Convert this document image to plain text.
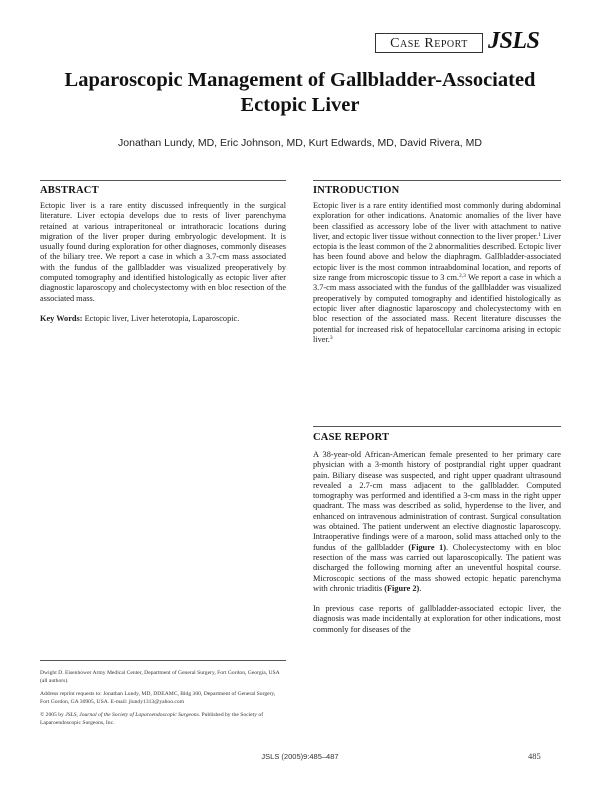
Case Report JSLS
Laparoscopic Management of Gallbladder-Associated Ectopic Liver
Jonathan Lundy, MD, Eric Johnson, MD, Kurt Edwards, MD, David Rivera, MD
ABSTRACT

Ectopic liver is a rare entity discussed infrequently in the surgical literature. Liver ectopia develops due to rests of liver parenchyma retained at various intraperitoneal or intrathoracic locations during migration of the liver proper during embryologic development. It is usually found during exploration for other diagnoses, commonly diseases of the biliary tree. We report a case in which a 3.7-cm mass associated with the fundus of the gallbladder was visualized preoperatively by computed tomography and identified histologically as ectopic liver after diagnostic laparoscopy and cholecystectomy with en bloc resection of the associated mass.

Key Words: Ectopic liver, Liver heterotopia, Laparoscopic.

Dwight D. Eisenhower Army Medical Center, Department of General Surgery, Fort Gordon, Georgia, USA (all authors).

Address reprint requests to: Jonathan Lundy, MD, DDEAMC, Bldg 300, Department of General Surgery, Fort Gordon, GA 30905, USA. E-mail: jlundy1313@yahoo.com

© 2005 by JSLS, Journal of the Society of Laparoendoscopic Surgeons. Published by the Society of Laparoendoscopic Surgeons, Inc.

INTRODUCTION

Ectopic liver is a rare entity identified most commonly during abdominal exploration for other indications. Anatomic anomalies of the liver have been classified as accessory lobe of the liver with attachment to native liver, and ectopic liver tissue without connection to the liver proper.$^1$ Liver ectopia is the least common of the 2 abnormalities described. Ectopic liver has been found above and below the diaphragm. Gallbladder-associated ectopic liver is the most common intraabdominal location, and reports of size range from microscopic tissue to 3 cm.$^{2,3}$ We report a case in which a 3.7-cm mass associated with the fundus of the gallbladder was visualized preoperatively by computed tomography and identified histologically as ectopic liver after diagnostic laparoscopy and cholecystectomy with en bloc resection of the associated mass. Recent literature discusses the potential for increased risk of hepatocellular carcinoma arising in ectopic liver.$^3$

CASE REPORT

A 38-year-old African-American female presented to her primary care physician with a 3-month history of postprandial right upper quadrant pain. Biliary disease was suspected, and right upper quadrant ultrasound revealed a 2.7-cm mass adjacent to the gallbladder. Computed tomography was performed and identified a 3-cm mass in the right upper quadrant. The mass was described as solid, hyperdense to the liver, and enhanced on intravenous administration of contrast. Surgical consultation was obtained. The patient underwent an elective diagnostic laparoscopy. Intraoperative findings were of a maroon, solid mass attached only to the fundus of the gallbladder (Figure 1). Cholecystectomy with en bloc resection of the mass was carried out laparoscopically. The patient was discharged the following morning after an uneventful hospital course. Microscopic sections of the mass showed ectopic hepatic parenchyma with chronic triaditis (Figure 2).

In previous case reports of gallbladder-associated ectopic liver, the diagnosis was made incidentally at exploration for other indications, most commonly for diseases of the

JSLS (2005)9:485–487	485
